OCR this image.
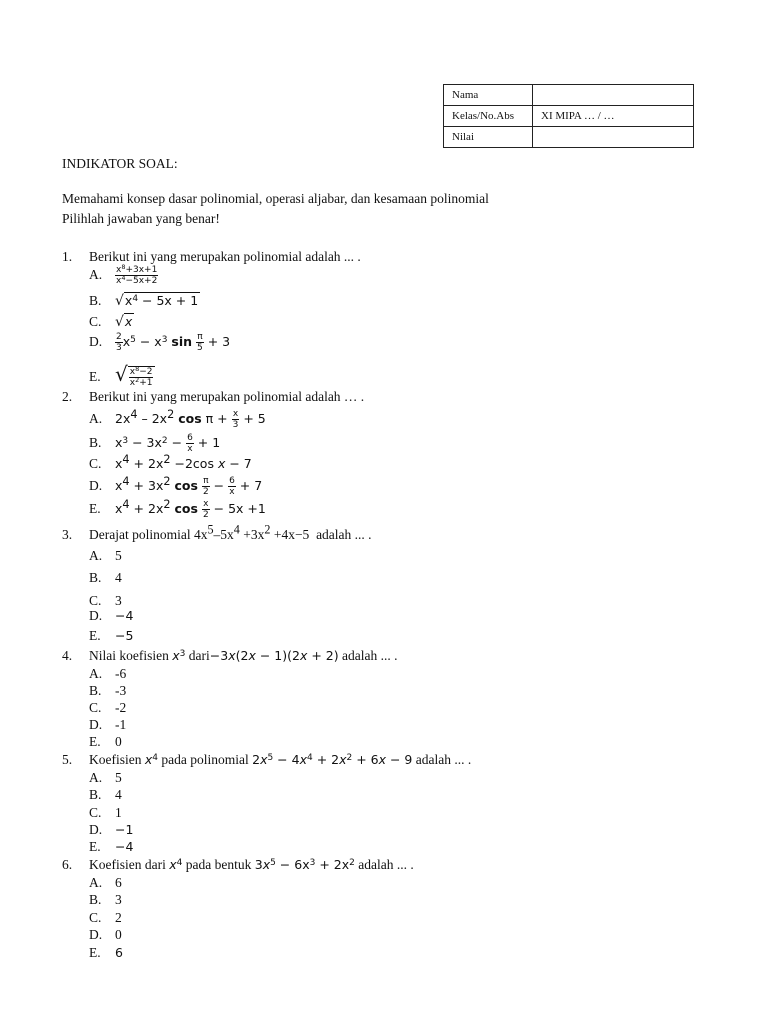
Nama	
Kelas/No.Abs	XI MIPA … / …
Nilai	
INDIKATOR SOAL:
Memahami konsep dasar polinomial, operasi aljabar, dan kesamaan polinomial
Pilihlah jawaban yang benar!
1. Berikut ini yang merupakan polinomial adalah ... .
A. $\frac{x^8+3x+1}{x^4-5x+2}$
B. $√x^4 - 5x + 1$
C. √x
D. $\frac{2}{3} x^5 - x^3$ $\sin \frac{\pi}{5} + 3$
E. √ $\frac{x^8-2}{x^2+1}$
2. Berikut ini yang merupakan polinomial adalah … .
A. $2x^4 - 2x^2$ $\cos \pi + \frac{x}{3} + 5$
B. $x^3 - 3x^2 - \frac{6}{x} + 1$
C. $x^4 + 2x^2 -2\cos$ x − 7
D. $x^4 + 3x^2$ $\cos \frac{\pi}{2} - \frac{6}{x} + 7$
E. $x^4 + 2x^2$ $\cos \frac{x}{2} - 5x +1$
3. Derajat polinomial $4x^5-5x^4 +3x^2 +4x-5$ adalah ... .
A. 5
B. 4
C. 3
D. −4
E. −5
4. Nilai koefisien $x^3$ dari−3x(2x − 1)(2x + 2) adalah ... .
A. -6
B. -3
C. -2
D. -1
E. 0
5. Koefisien $x^4$ pada polinomial $2x^5 - 4x^4 + 2x^2 + 6x - 9$ adalah ... .
A. 5
B. 4
C. 1
D. −1
E. −4
6. Koefisien dari $x^4$ pada bentuk $3x^5 - 6x^3 + 2x^2$ adalah ... .
A. 6
B. 3
C. 2
D. 0
E. 6
